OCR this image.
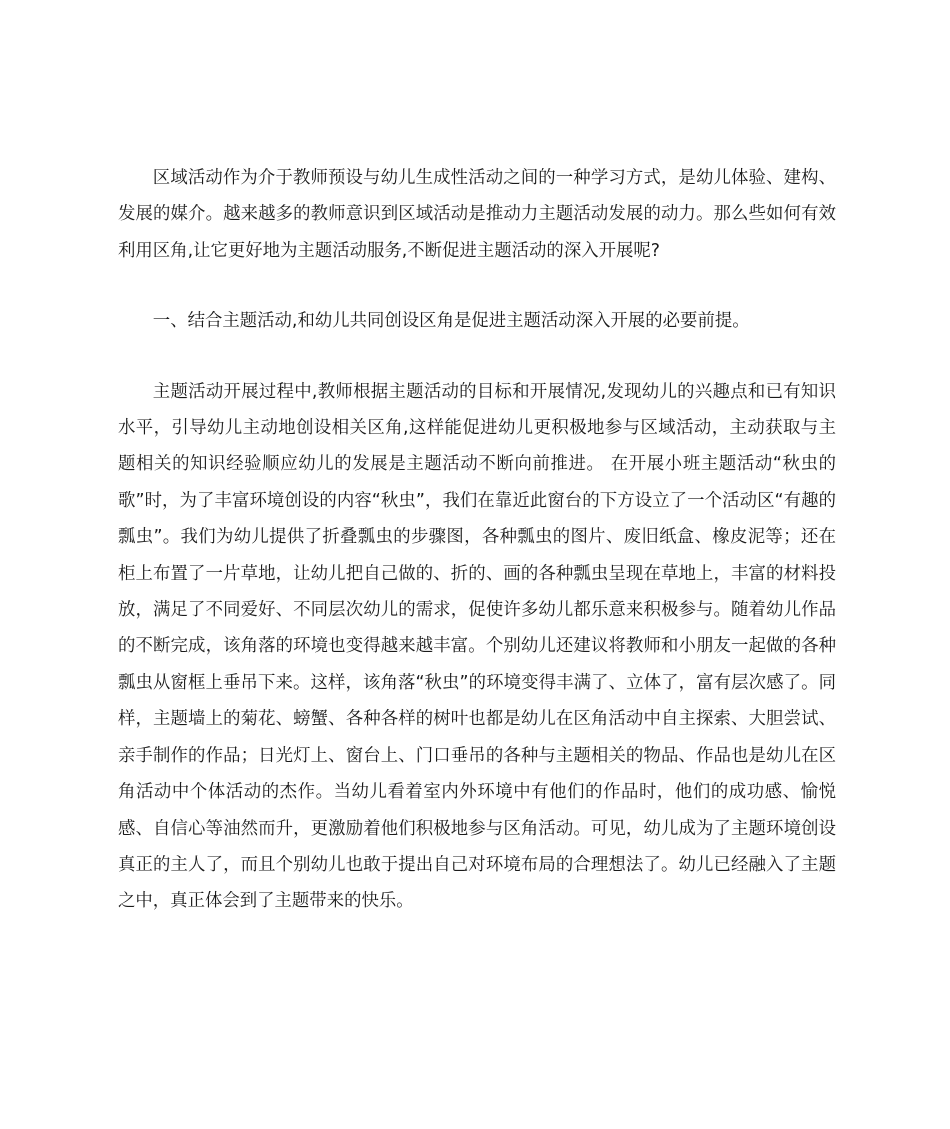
区域活动作为介于教师预设与幼儿生成性活动之间的一种学习方式，是幼儿体验、建构、发展的媒介。越来越多的教师意识到区域活动是推动力主题活动发展的动力。那么些如何有效利用区角,让它更好地为主题活动服务,不断促进主题活动的深入开展呢?

一、结合主题活动,和幼儿共同创设区角是促进主题活动深入开展的必要前提。

主题活动开展过程中,教师根据主题活动的目标和开展情况,发现幼儿的兴趣点和已有知识水平，引导幼儿主动地创设相关区角,这样能促进幼儿更积极地参与区域活动，主动获取与主题相关的知识经验顺应幼儿的发展是主题活动不断向前推进。 在开展小班主题活动“秋虫的歌”时，为了丰富环境创设的内容“秋虫”，我们在靠近此窗台的下方设立了一个活动区“有趣的瓢虫”。我们为幼儿提供了折叠瓢虫的步骤图，各种瓢虫的图片、废旧纸盒、橡皮泥等；还在柜上布置了一片草地，让幼儿把自己做的、折的、画的各种瓢虫呈现在草地上，丰富的材料投放，满足了不同爱好、不同层次幼儿的需求，促使许多幼儿都乐意来积极参与。随着幼儿作品的不断完成，该角落的环境也变得越来越丰富。个别幼儿还建议将教师和小朋友一起做的各种瓢虫从窗框上垂吊下来。这样，该角落“秋虫”的环境变得丰满了、立体了，富有层次感了。同样，主题墙上的菊花、螃蟹、各种各样的树叶也都是幼儿在区角活动中自主探索、大胆尝试、亲手制作的作品；日光灯上、窗台上、门口垂吊的各种与主题相关的物品、作品也是幼儿在区角活动中个体活动的杰作。当幼儿看着室内外环境中有他们的作品时，他们的成功感、愉悦感、自信心等油然而升，更激励着他们积极地参与区角活动。可见，幼儿成为了主题环境创设真正的主人了，而且个别幼儿也敢于提出自己对环境布局的合理想法了。幼儿已经融入了主题之中，真正体会到了主题带来的快乐。
